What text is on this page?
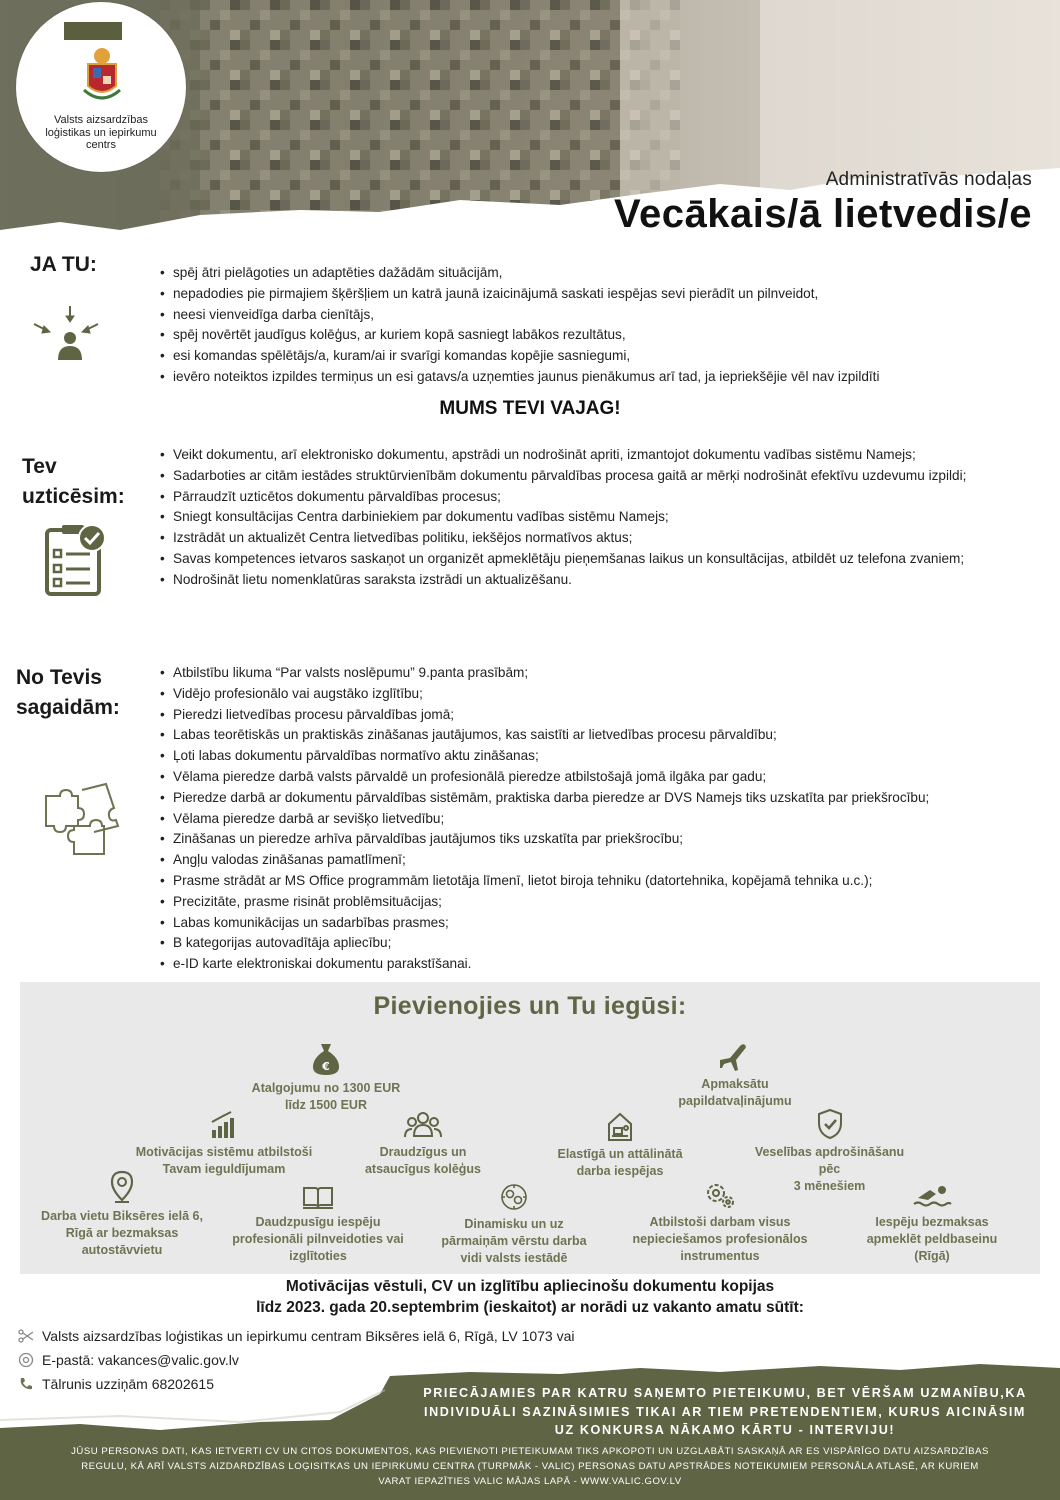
Valsts aizsardzības loģistikas un iepirkumu centrs
Administratīvās nodaļas
Vecākais/ā lietvedis/e
JA TU:
•	spēj ātri pielāgoties un adaptēties dažādām situācijām,
• nepadodies pie pirmajiem šķēršļiem un katrā jaunā izaicinājumā saskati iespējas sevi pierādīt un pilnveidot,
• neesi vienveidīga darba cienītājs,
• spēj novērtēt jaudīgus kolēģus, ar kuriem kopā sasniegt labākos rezultātus,
• esi komandas spēlētājs/a, kuram/ai ir svarīgi komandas kopējie sasniegumi,
• ievēro noteiktos izpildes termiņus un esi gatavs/a uzņemties jaunus pienākumus arī tad, ja iepriekšējie vēl nav izpildīti
MUMS TEVI VAJAG!
Tev
uzticēsim:
• Veikt dokumentu, arī elektronisko dokumentu, apstrādi un nodrošināt apriti, izmantojot dokumentu vadības sistēmu Namejs;
• Sadarboties ar citām iestādes struktūrvienībām dokumentu pārvaldības procesa gaitā ar mērķi nodrošināt efektīvu uzdevumu izpildi;
• Pārraudzīt uzticētos dokumentu pārvaldības procesus;
• Sniegt konsultācijas Centra darbiniekiem par dokumentu vadības sistēmu Namejs;
• Izstrādāt un aktualizēt Centra lietvedības politiku, iekšējos normatīvos aktus;
• Savas kompetences ietvaros saskaņot un organizēt apmeklētāju pieņemšanas laikus un konsultācijas, atbildēt uz telefona zvaniem;
• Nodrošināt lietu nomenklatūras saraksta izstrādi un aktualizēšanu.
No Tevis
sagaidām:
• Atbilstību likuma “Par valsts noslēpumu” 9.panta prasībām;
• Vidējo profesionālo vai augstāko izglītību;
• Pieredzi lietvedības procesu pārvaldības jomā;
• Labas teorētiskās un praktiskās zināšanas jautājumos, kas saistīti ar lietvedības procesu pārvaldību;
• Ļoti labas dokumentu pārvaldības normatīvo aktu zināšanas;
• Vēlama pieredze darbā valsts pārvaldē un profesionālā pieredze atbilstošajā jomā ilgāka par gadu;
• Pieredze darbā ar dokumentu pārvaldības sistēmām, praktiska darba pieredze ar DVS Namejs tiks uzskatīta par priekšrocību;
• Vēlama pieredze darbā ar sevišķo lietvedību;
• Zināšanas un pieredze arhīva pārvaldības jautājumos tiks uzskatīta par priekšrocību;
• Angļu valodas zināšanas pamatlīmenī;
• Prasme strādāt ar MS Office programmām lietotāja līmenī, lietot biroja tehniku (datortehnika, kopējamā tehnika u.c.);
• Precizitāte, prasme risināt problēmsituācijas;
• Labas komunikācijas un sadarbības prasmes;
• B kategorijas autovadītāja apliecību;
• e-ID karte elektroniskai dokumentu parakstīšanai.
Pievienojies un Tu iegūsi:
€
Atalgojumu no 1300 EUR
līdz 1500 EUR
Apmaksātu
papildatvaļinājumu
Motivācijas sistēmu atbilstoši
Tavam ieguldījumam
Draudzīgus un
atsaucīgus kolēģus
Elastīgā un attālinātā
darba iespējas
Veselības apdrošināšanu
pēc
3 mēnešiem
Darba vietu Biksēres ielā 6,
Rīgā ar bezmaksas
autostāvvietu
Daudzpusīgu iespēju
profesionāli pilnveidoties vai
izglītoties
Dinamisku un uz
pārmaiņām vērstu darba
vidi valsts iestādē
Atbilstoši darbam visus
nepieciešamos profesionālos
instrumentus
Iespēju bezmaksas
apmeklēt peldbaseinu
(Rīgā)
Motivācijas vēstuli, CV un izglītību apliecinošu dokumentu kopijas
līdz 2023. gada 20.septembrim (ieskaitot) ar norādi uz vakanto amatu sūtīt:
Valsts aizsardzības loģistikas un iepirkumu centram Biksēres ielā 6, Rīgā, LV 1073 vai
E-pastā: vakances@valic.gov.lv
Tālrunis uzziņām 68202615
PRIECĀJAMIES PAR KATRU SAŅEMTO PIETEIKUMU, BET VĒRŠAM UZMANĪBU,KA
INDIVIDUĀLI SAZINĀSIMIES TIKAI AR TIEM PRETENDENTIEM, KURUS AICINĀSIM
UZ KONKURSA NĀKAMO KĀRTU - INTERVIJU!
JŪSU PERSONAS DATI, KAS IETVERTI CV UN CITOS DOKUMENTOS, KAS PIEVIENOTI PIETEIKUMAM TIKS APKOPOTI UN UZGLABĀTI SASKAŅĀ AR ES VISPĀRĪGO DATU AIZSARDZĪBAS
REGULU, KĀ ARĪ VALSTS AIZDARDZĪBAS LOĢISITKAS UN IEPIRKUMU CENTRA (TURPMĀK - VALIC) PERSONAS DATU APSTRĀDES NOTEIKUMIEM PERSONĀLA ATLASĒ, AR KURIEM
VARAT IEPAZĪTIES VALIC MĀJAS LAPĀ - WWW.VALIC.GOV.LV
